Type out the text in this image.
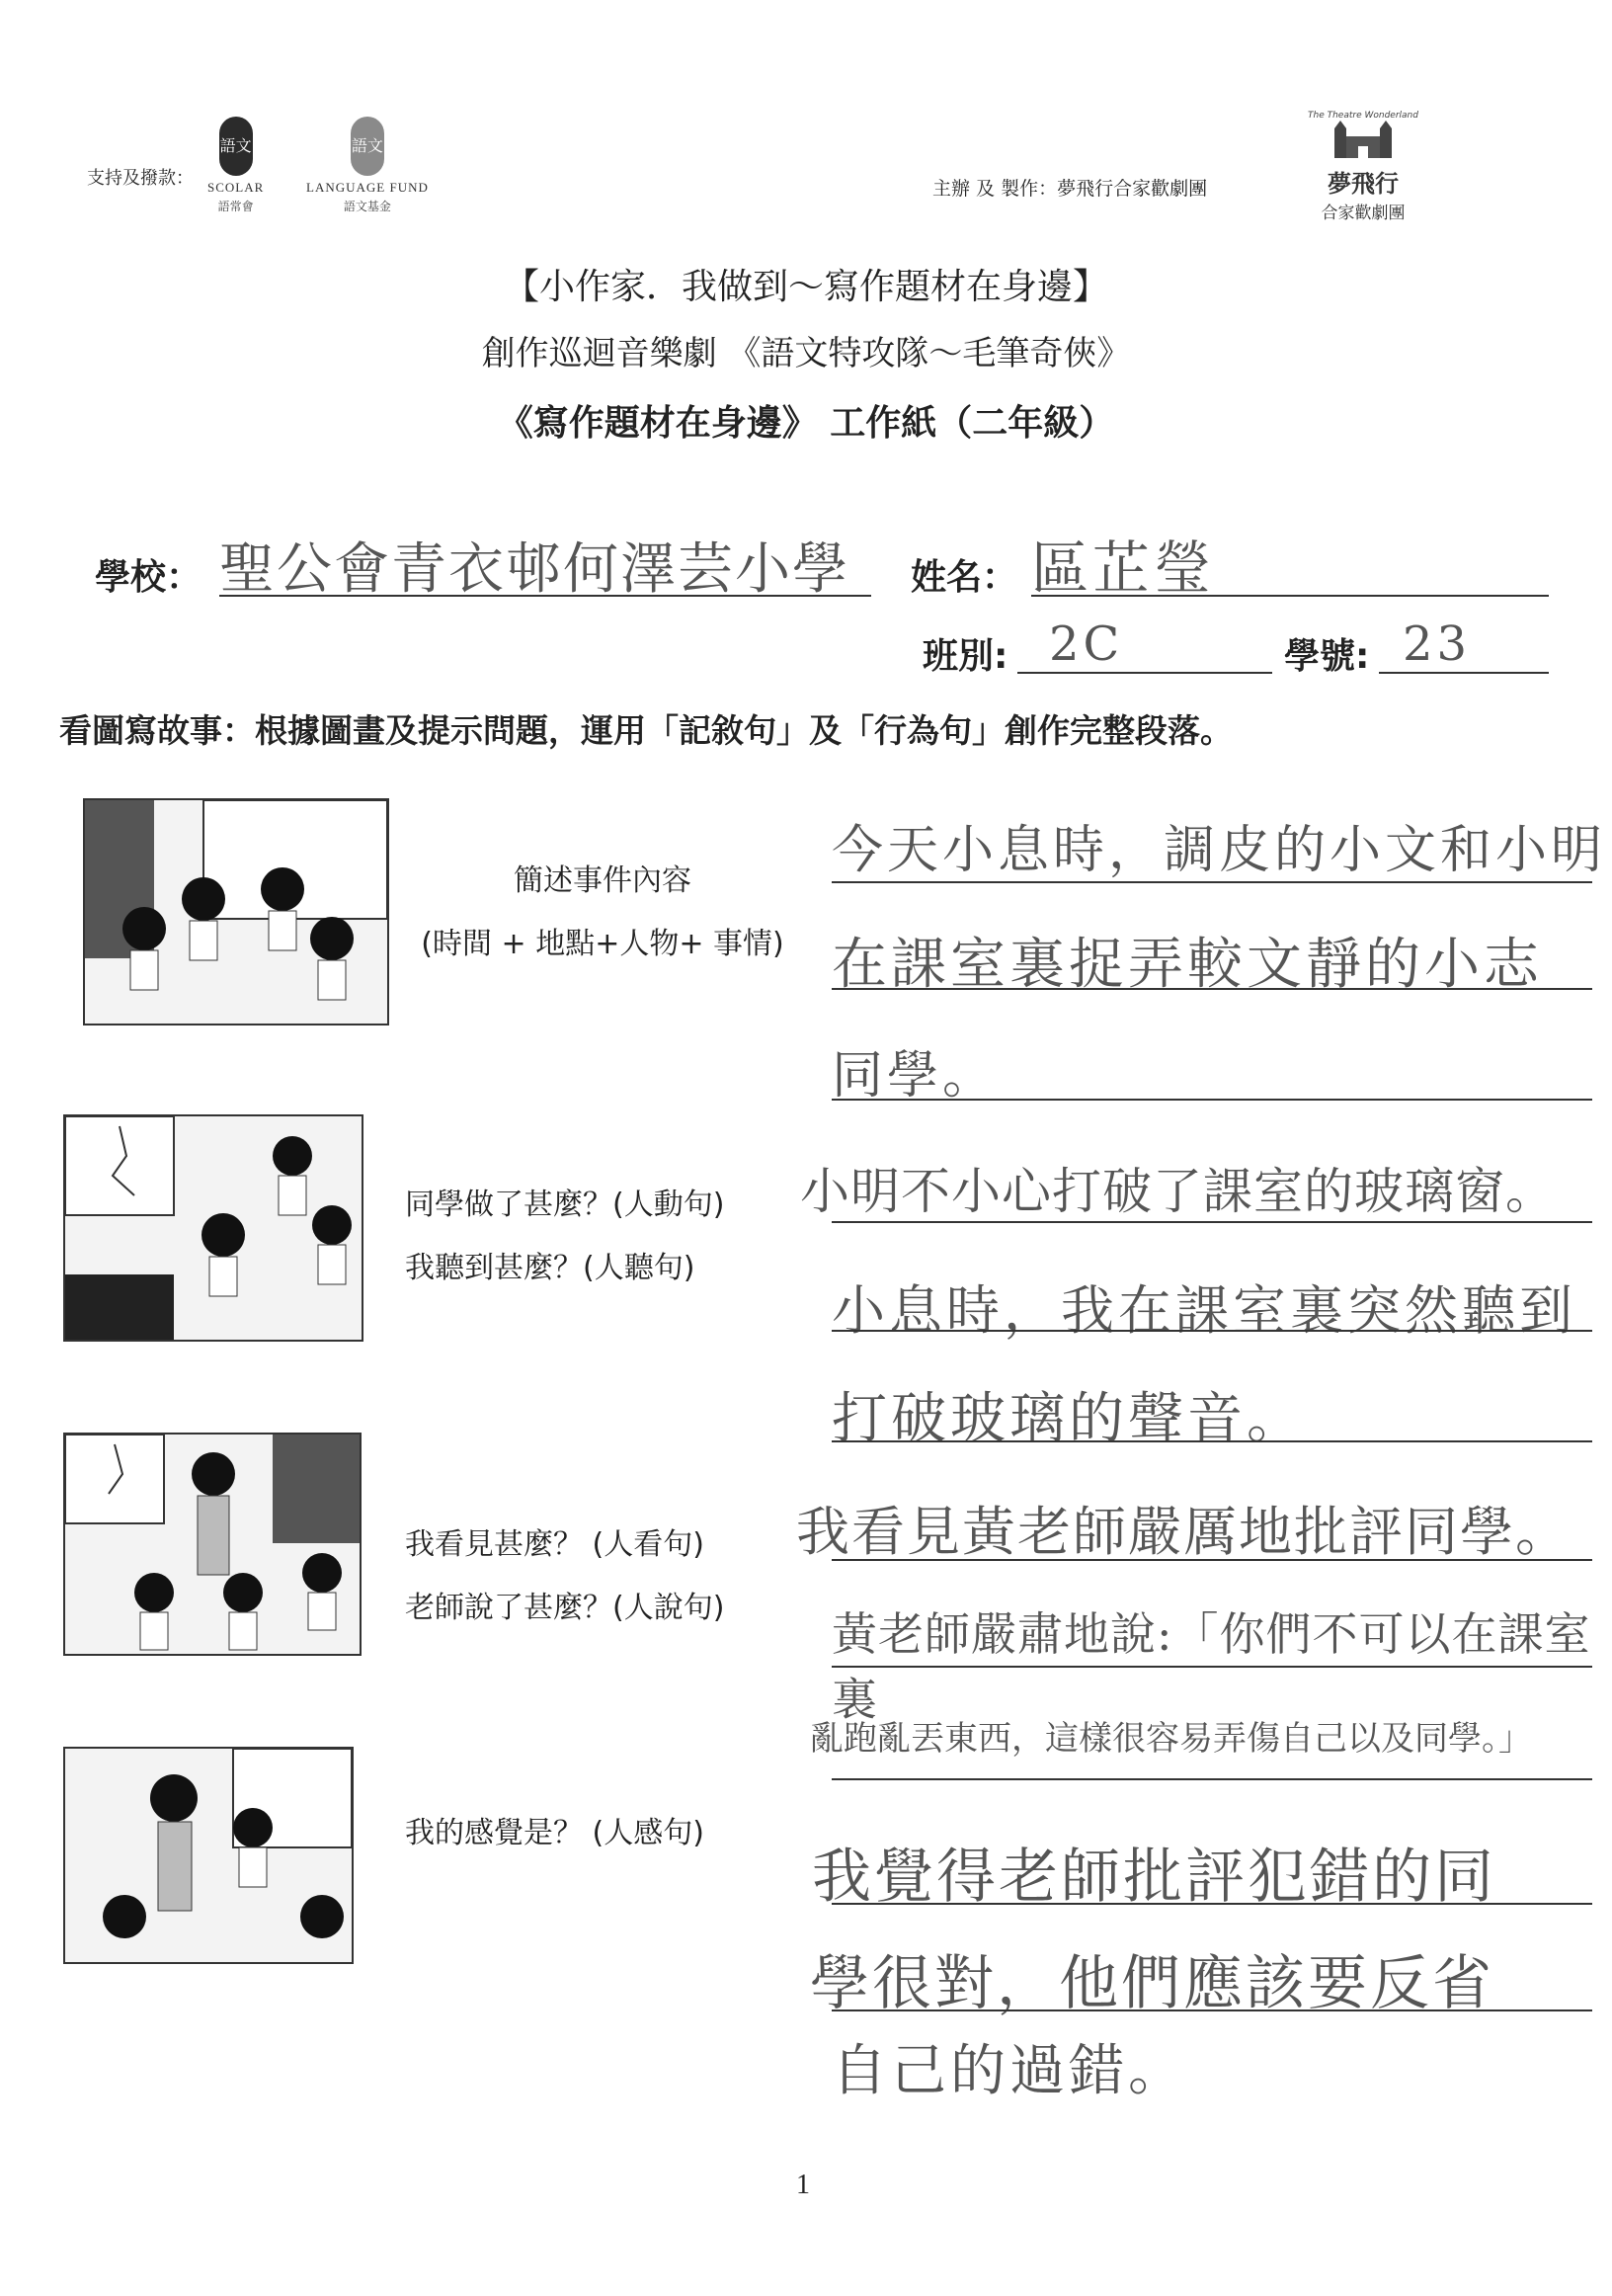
支持及撥款：
語文
SCOLAR
語常會
語文
LANGUAGE FUND
語文基金
主辦 及 製作：夢飛行合家歡劇團
The Theatre Wonderland
夢飛行
合家歡劇團
【小作家．我做到～寫作題材在身邊】
創作巡迴音樂劇 《語文特攻隊～毛筆奇俠》
《寫作題材在身邊》 工作紙（二年級）
學校： 聖公會青衣邨何澤芸小學 姓名： 區芷瑩
班別: 2C	學號: 23
看圖寫故事：根據圖畫及提示問題，運用「記敘句」及「行為句」創作完整段落。
簡述事件內容
(時間 + 地點+人物+ 事情)
今天小息時，調皮的小文和小明
在課室裏捉弄較文靜的小志
同學。
同學做了甚麼？(人動句)
我聽到甚麼？(人聽句)
小明不小心打破了課室的玻璃窗。
小息時，我在課室裏突然聽到
打破玻璃的聲音。
我看見甚麼？ (人看句)
老師說了甚麼？(人說句)
我看見黃老師嚴厲地批評同學。
黃老師嚴肅地說:「你們不可以在課室裏
亂跑亂丟東西，這樣很容易弄傷自己以及同學。」
我的感覺是？ (人感句)
我覺得老師批評犯錯的同
學很對，他們應該要反省
自己的過錯。
1
